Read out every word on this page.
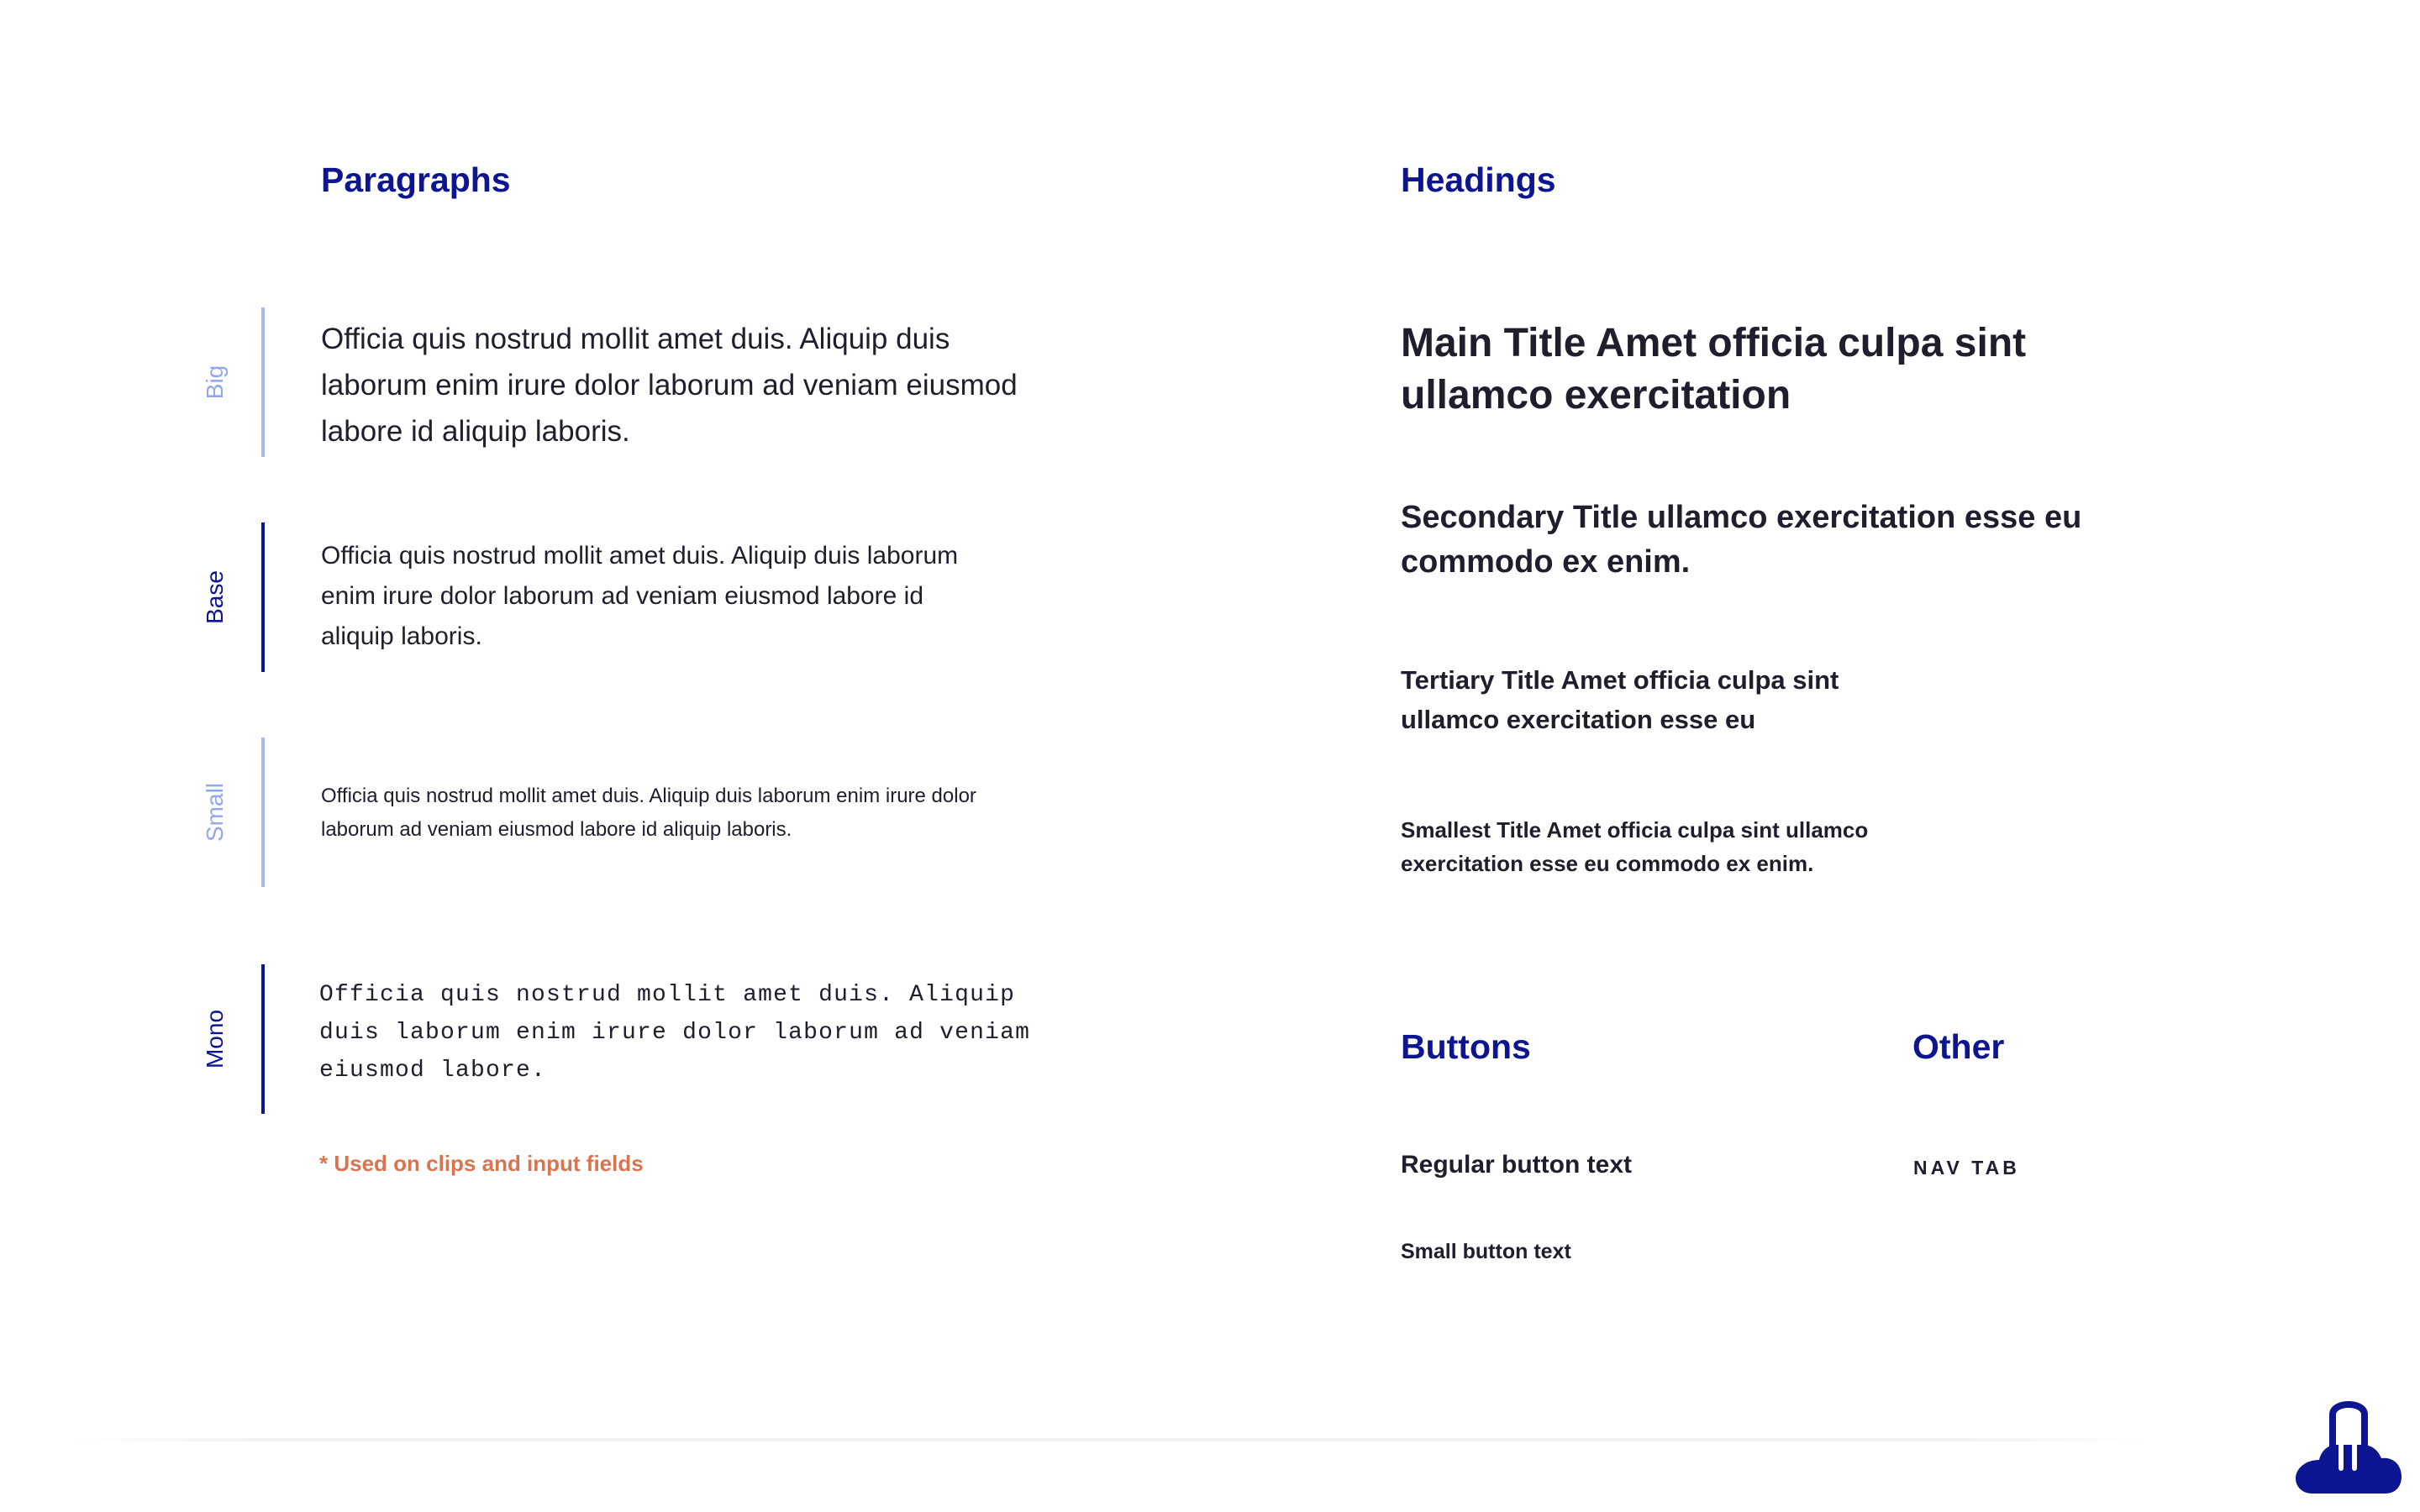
Paragraphs
Big

Officia quis nostrud mollit amet duis. Aliquip duis laborum enim irure dolor laborum ad veniam eiusmod labore id aliquip laboris.

Base

Officia quis nostrud mollit amet duis. Aliquip duis laborum enim irure dolor laborum ad veniam eiusmod labore id aliquip laboris.

Small	Officia quis nostrud mollit amet duis. Aliquip duis laborum enim irure dolor laborum ad veniam eiusmod labore id aliquip laboris.

Mono

Officia quis nostrud mollit amet duis. Aliquip duis laborum enim irure dolor laborum ad veniam eiusmod labore.

* Used on clips and input fields
Headings
Main Title Amet officia culpa sint ullamco exercitation
Secondary Title ullamco exercitation esse eu commodo ex enim.
Tertiary Title Amet officia culpa sint ullamco exercitation esse eu
Smallest Title Amet officia culpa sint ullamco exercitation esse eu commodo ex enim.
Buttons
Regular button text
Small button text
Other
NAV TAB
